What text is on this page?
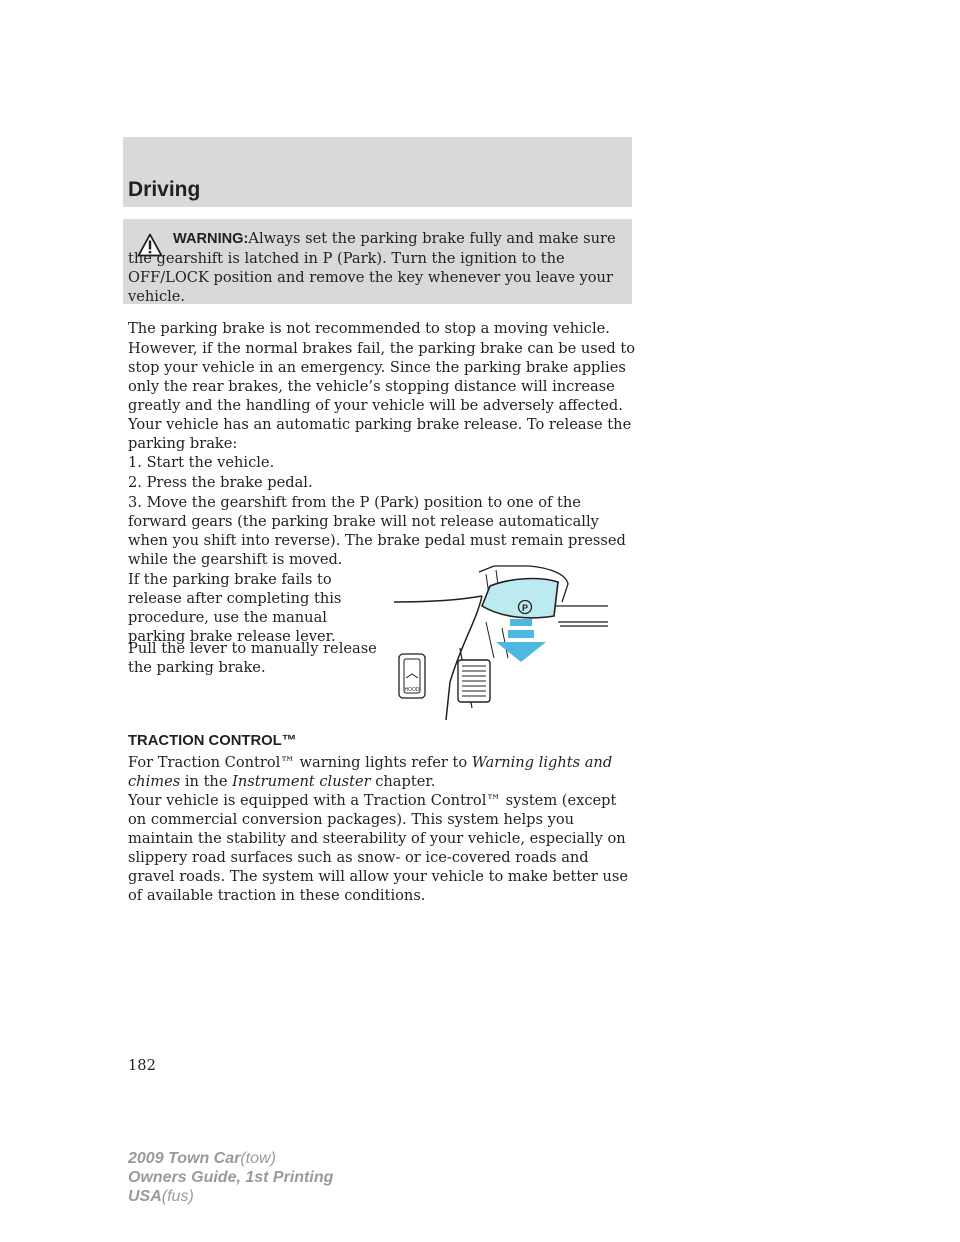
Driving

WARNING:Always set the parking brake fully and make sure the gearshift is latched in P (Park). Turn the ignition to the OFF/LOCK position and remove the key whenever you leave your vehicle.

The parking brake is not recommended to stop a moving vehicle.

However, if the normal brakes fail, the parking brake can be used to stop your vehicle in an emergency. Since the parking brake applies only the rear brakes, the vehicle’s stopping distance will increase greatly and the handling of your vehicle will be adversely affected.

Your vehicle has an automatic parking brake release. To release the parking brake:

1. Start the vehicle.

2. Press the brake pedal.

3. Move the gearshift from the P (Park) position to one of the forward gears (the parking brake will not release automatically when you shift into reverse). The brake pedal must remain pressed while the gearshift is moved.

If the parking brake fails to release after completing this procedure, use the manual parking brake release lever.

Pull the lever to manually release the parking brake.

P
HOOD
TRACTION CONTROL™

For Traction Control™ warning lights refer to Warning lights and chimes in the Instrument cluster chapter.

Your vehicle is equipped with a Traction Control™ system (except on commercial conversion packages). This system helps you maintain the stability and steerability of your vehicle, especially on slippery road surfaces such as snow- or ice-covered roads and gravel roads. The system will allow your vehicle to make better use of available traction in these conditions.

182

2009 Town Car(tow)
Owners Guide, 1st Printing
USA(fus)
